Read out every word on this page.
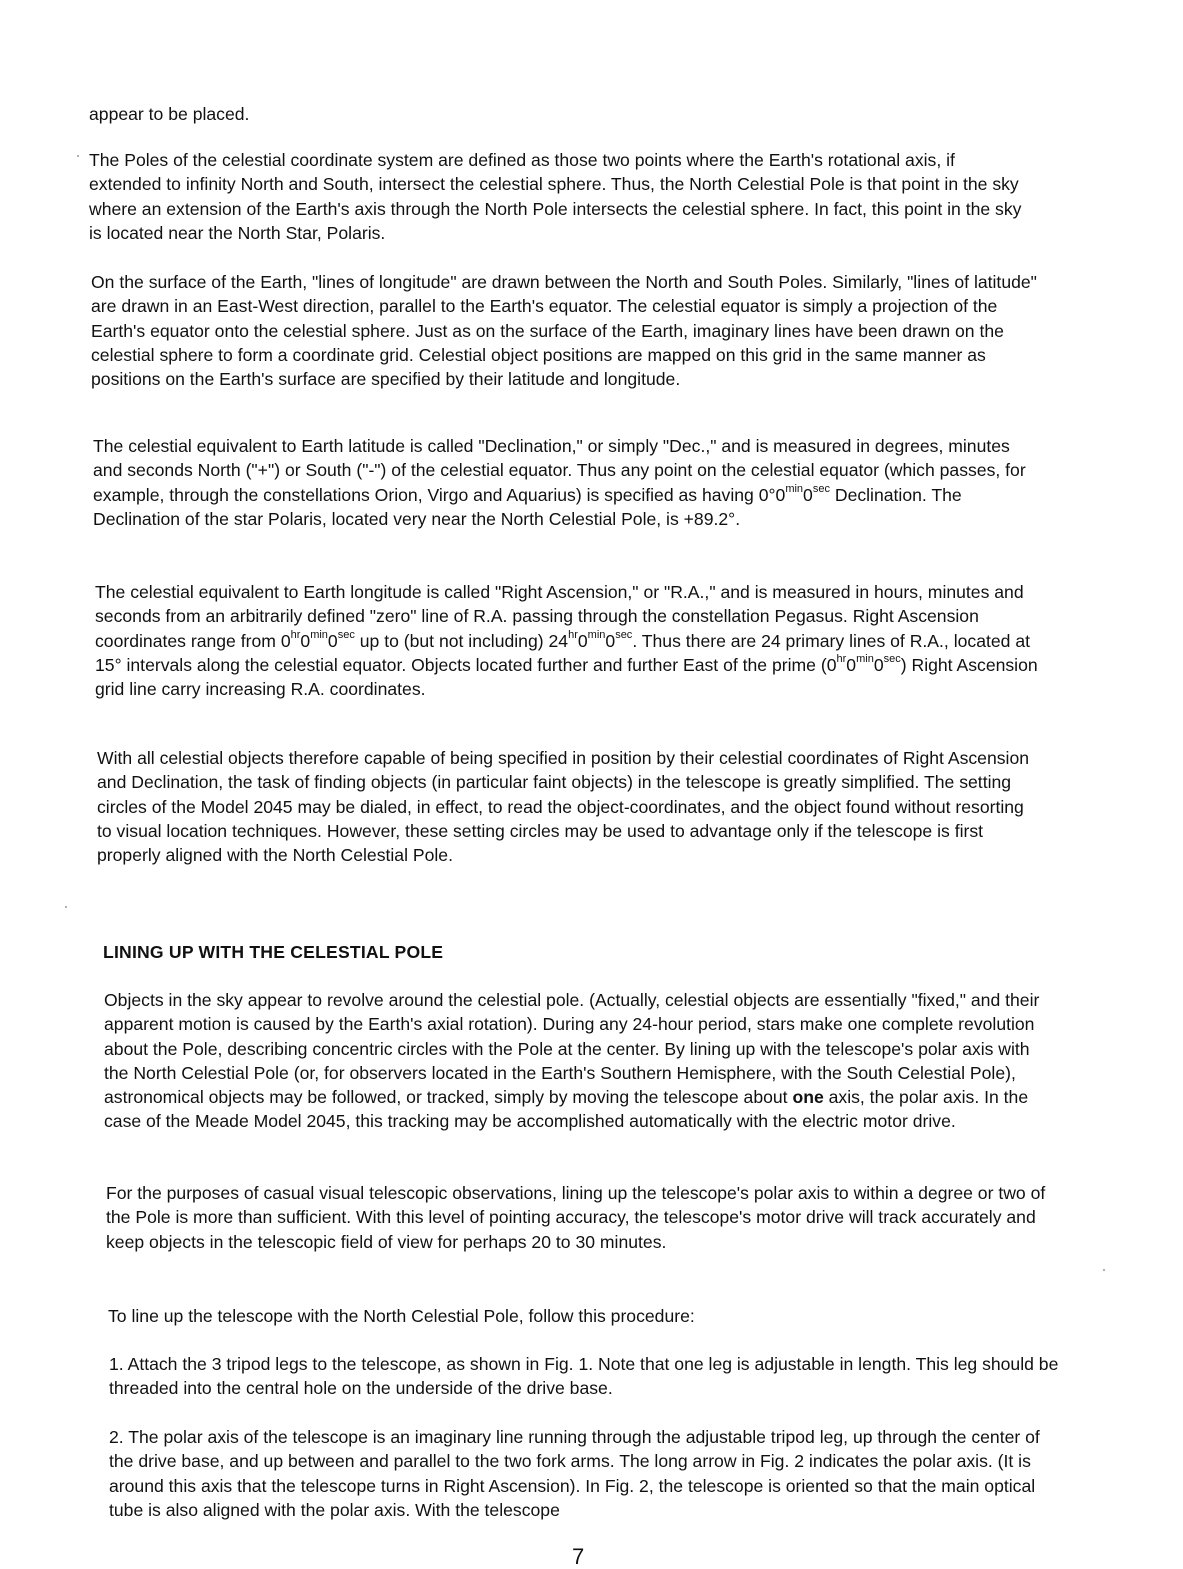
appear to be placed.

The Poles of the celestial coordinate system are defined as those two points where the Earth's rotational axis, if extended to infinity North and South, intersect the celestial sphere. Thus, the North Celestial Pole is that point in the sky where an extension of the Earth's axis through the North Pole intersects the celestial sphere. In fact, this point in the sky is located near the North Star, Polaris.

On the surface of the Earth, "lines of longitude" are drawn between the North and South Poles. Similarly, "lines of latitude" are drawn in an East-West direction, parallel to the Earth's equator. The celestial equator is simply a projection of the Earth's equator onto the celestial sphere. Just as on the surface of the Earth, imaginary lines have been drawn on the celestial sphere to form a coordinate grid. Celestial object positions are mapped on this grid in the same manner as positions on the Earth's surface are specified by their latitude and longitude.

The celestial equivalent to Earth latitude is called "Declination," or simply "Dec.," and is measured in degrees, minutes and seconds North ("+") or South ("-") of the celestial equator. Thus any point on the celestial equator (which passes, for example, through the constellations Orion, Virgo and Aquarius) is specified as having $0^\circ 0^{min}0^{sec}$ Declination. The Declination of the star Polaris, located very near the North Celestial Pole, is +89.2°.

The celestial equivalent to Earth longitude is called "Right Ascension," or "R.A.," and is measured in hours, minutes and seconds from an arbitrarily defined "zero" line of R.A. passing through the constellation Pegasus. Right Ascension coordinates range from $0^{hr}0^{min}0^{sec}$ up to (but not including) $24^{hr}0^{min}0^{sec}$. Thus there are 24 primary lines of R.A., located at 15° intervals along the celestial equator. Objects located further and further East of the prime $(0^{hr}0^{min}0^{sec})$ Right Ascension grid line carry increasing R.A. coordinates.

With all celestial objects therefore capable of being specified in position by their celestial coordinates of Right Ascension and Declination, the task of finding objects (in particular faint objects) in the telescope is greatly simplified. The setting circles of the Model 2045 may be dialed, in effect, to read the object-coordinates, and the object found without resorting to visual location techniques. However, these setting circles may be used to advantage only if the telescope is first properly aligned with the North Celestial Pole.

LINING UP WITH THE CELESTIAL POLE

Objects in the sky appear to revolve around the celestial pole. (Actually, celestial objects are essentially "fixed," and their apparent motion is caused by the Earth's axial rotation). During any 24-hour period, stars make one complete revolution about the Pole, describing concentric circles with the Pole at the center. By lining up with the telescope's polar axis with the North Celestial Pole (or, for observers located in the Earth's Southern Hemisphere, with the South Celestial Pole), astronomical objects may be followed, or tracked, simply by moving the telescope about one axis, the polar axis. In the case of the Meade Model 2045, this tracking may be accomplished automatically with the electric motor drive.

For the purposes of casual visual telescopic observations, lining up the telescope's polar axis to within a degree or two of the Pole is more than sufficient. With this level of pointing accuracy, the telescope's motor drive will track accurately and keep objects in the telescopic field of view for perhaps 20 to 30 minutes.

To line up the telescope with the North Celestial Pole, follow this procedure:

1. Attach the 3 tripod legs to the telescope, as shown in Fig. 1. Note that one leg is adjustable in length. This leg should be threaded into the central hole on the underside of the drive base.

2. The polar axis of the telescope is an imaginary line running through the adjustable tripod leg, up through the center of the drive base, and up between and parallel to the two fork arms. The long arrow in Fig. 2 indicates the polar axis. (It is around this axis that the telescope turns in Right Ascension). In Fig. 2, the telescope is oriented so that the main optical tube is also aligned with the polar axis. With the telescope

7
